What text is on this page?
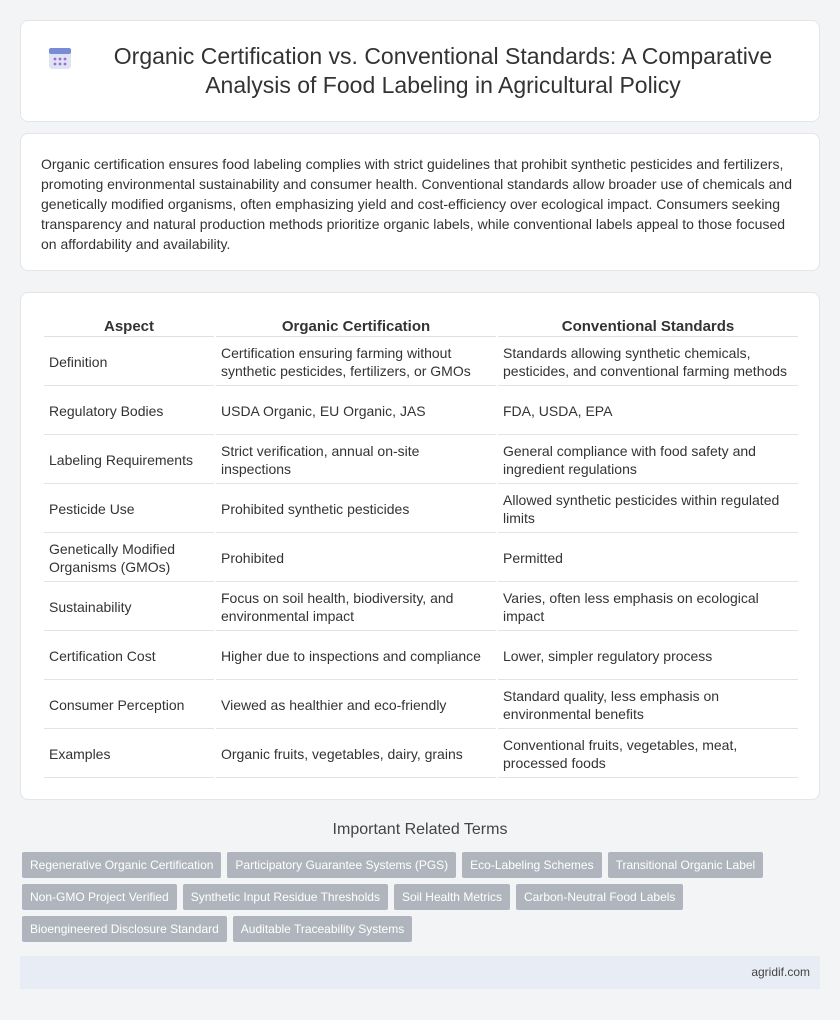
Organic Certification vs. Conventional Standards: A Comparative Analysis of Food Labeling in Agricultural Policy

Organic certification ensures food labeling complies with strict guidelines that prohibit synthetic pesticides and fertilizers, promoting environmental sustainability and consumer health. Conventional standards allow broader use of chemicals and genetically modified organisms, often emphasizing yield and cost-efficiency over ecological impact. Consumers seeking transparency and natural production methods prioritize organic labels, while conventional labels appeal to those focused on affordability and availability.

Aspect	Organic Certification	Conventional Standards
Definition	Certification ensuring farming without synthetic pesticides, fertilizers, or GMOs	Standards allowing synthetic chemicals, pesticides, and conventional farming methods
Regulatory Bodies	USDA Organic, EU Organic, JAS	FDA, USDA, EPA
Labeling Requirements	Strict verification, annual on-site inspections	General compliance with food safety and ingredient regulations
Pesticide Use	Prohibited synthetic pesticides	Allowed synthetic pesticides within regulated limits
Genetically Modified Organisms (GMOs)	Prohibited	Permitted
Sustainability	Focus on soil health, biodiversity, and environmental impact	Varies, often less emphasis on ecological impact
Certification Cost	Higher due to inspections and compliance	Lower, simpler regulatory process
Consumer Perception	Viewed as healthier and eco-friendly	Standard quality, less emphasis on environmental benefits
Examples	Organic fruits, vegetables, dairy, grains	Conventional fruits, vegetables, meat, processed foods
Important Related Terms
Regenerative Organic Certification	Participatory Guarantee Systems (PGS)	Eco-Labeling Schemes	Transitional Organic Label
Non-GMO Project Verified	Synthetic Input Residue Thresholds	Soil Health Metrics	Carbon-Neutral Food Labels
Bioengineered Disclosure Standard	Auditable Traceability Systems
agridif.com
